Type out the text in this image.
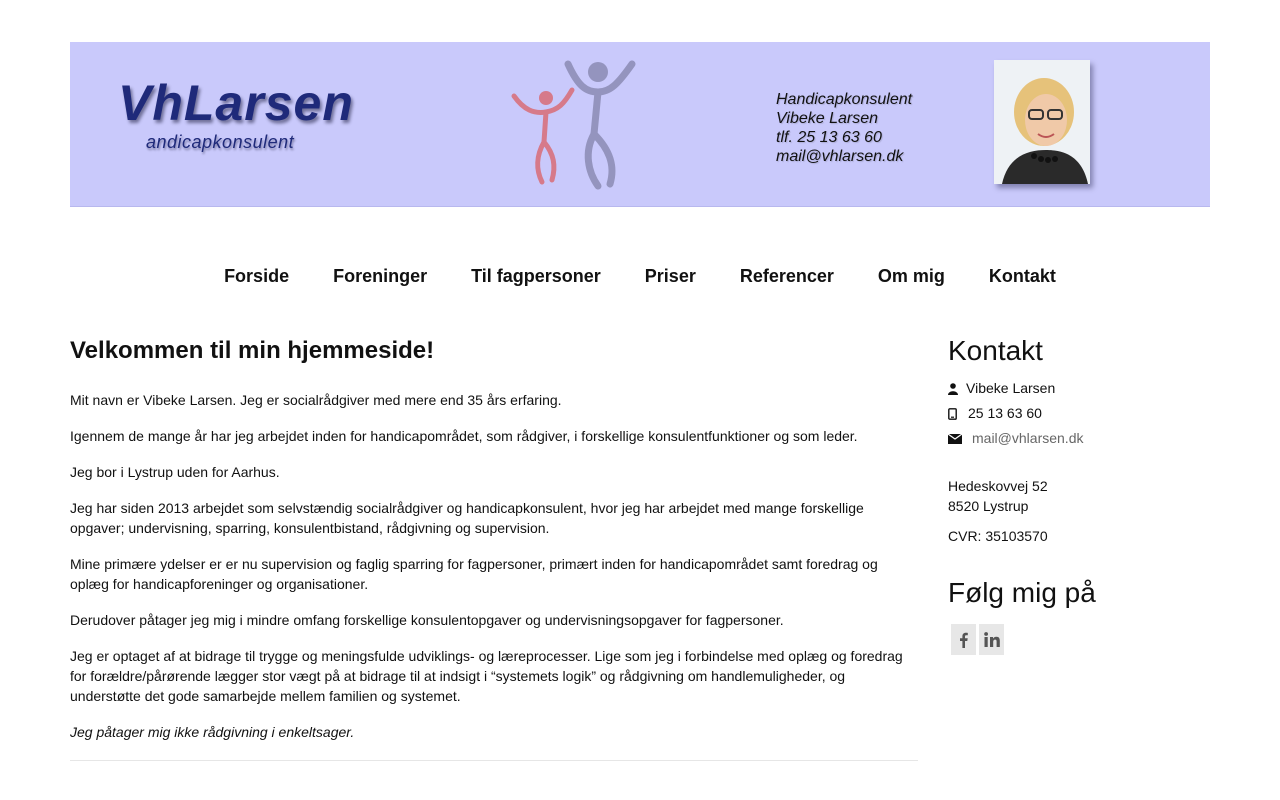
VhLarsen
andicapkonsulent
Handicapkonsulent
Vibeke Larsen
tlf. 25 13 63 60
mail@vhlarsen.dk
Forside	Foreninger	Til fagpersoner	Priser	Referencer	Om mig	Kontakt
Velkommen til min hjemmeside!

Mit navn er Vibeke Larsen. Jeg er socialrådgiver med mere end 35 års erfaring.

Igennem de mange år har jeg arbejdet inden for handicapområdet, som rådgiver, i forskellige konsulentfunktioner og som leder.

Jeg bor i Lystrup uden for Aarhus.

Jeg har siden 2013 arbejdet som selvstændig socialrådgiver og handicapkonsulent, hvor jeg har arbejdet med mange forskellige opgaver; undervisning, sparring, konsulentbistand, rådgivning og supervision.

Mine primære ydelser er er nu supervision og faglig sparring for fagpersoner, primært inden for handicapområdet samt foredrag og oplæg for handicapforeninger og organisationer.

Derudover påtager jeg mig i mindre omfang forskellige konsulentopgaver og undervisningsopgaver for fagpersoner.

Jeg er optaget af at bidrage til trygge og meningsfulde udviklings- og læreprocesser. Lige som jeg i forbindelse med oplæg og foredrag for forældre/pårørende lægger stor vægt på at bidrage til at indsigt i “systemets logik” og rådgivning om handlemuligheder, og understøtte det gode samarbejde mellem familien og systemet.

Jeg påtager mig ikke rådgivning i enkeltsager.

Kontakt
Vibeke Larsen
25 13 63 60
mail@vhlarsen.dk
Hedeskovvej 52
8520 Lystrup
CVR: 35103570
Følg mig på
